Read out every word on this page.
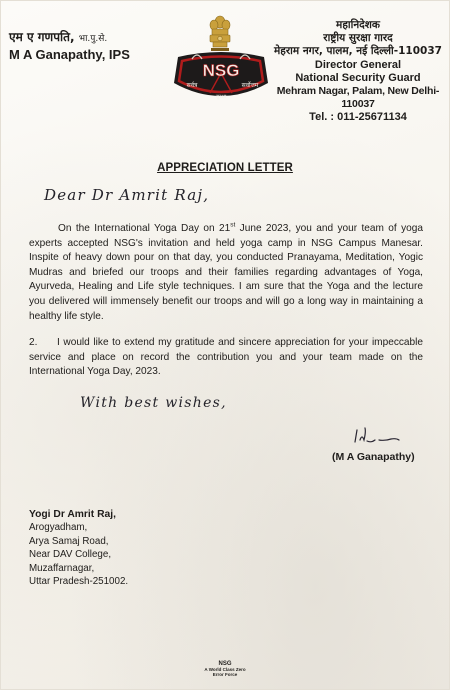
एम ए गणपति, भा.पु.से.
M A Ganapathy, IPS
NSG
सर्वत्र	सर्वोत्तम
सुरक्षा
महानिदेशक
राष्ट्रीय सुरक्षा गारद
मेहराम नगर, पालम, नई दिल्ली-110037
Director General
National Security Guard
Mehram Nagar, Palam, New Delhi-110037
Tel. : 011-25671134
APPRECIATION LETTER
Dear Dr Amrit Raj,
On the International Yoga Day on 21st June 2023, you and your team of yoga experts accepted NSG's invitation and held yoga camp in NSG Campus Manesar. Inspite of heavy down pour on that day, you conducted Pranayama, Meditation, Yogic Mudras and briefed our troops and their families regarding advantages of Yoga, Ayurveda, Healing and Life style techniques. I am sure that the Yoga and the lecture you delivered will immensely benefit our troops and will go a long way in maintaining a healthy life style.
2. I would like to extend my gratitude and sincere appreciation for your impeccable service and place on record the contribution you and your team made on the International Yoga Day, 2023.
With best wishes,
(M A Ganapathy)
Yogi Dr Amrit Raj,
Arogyadham,
Arya Samaj Road,
Near DAV College,
Muzaffarnagar,
Uttar Pradesh-251002.
NSG
A World Class Zero Error Force
